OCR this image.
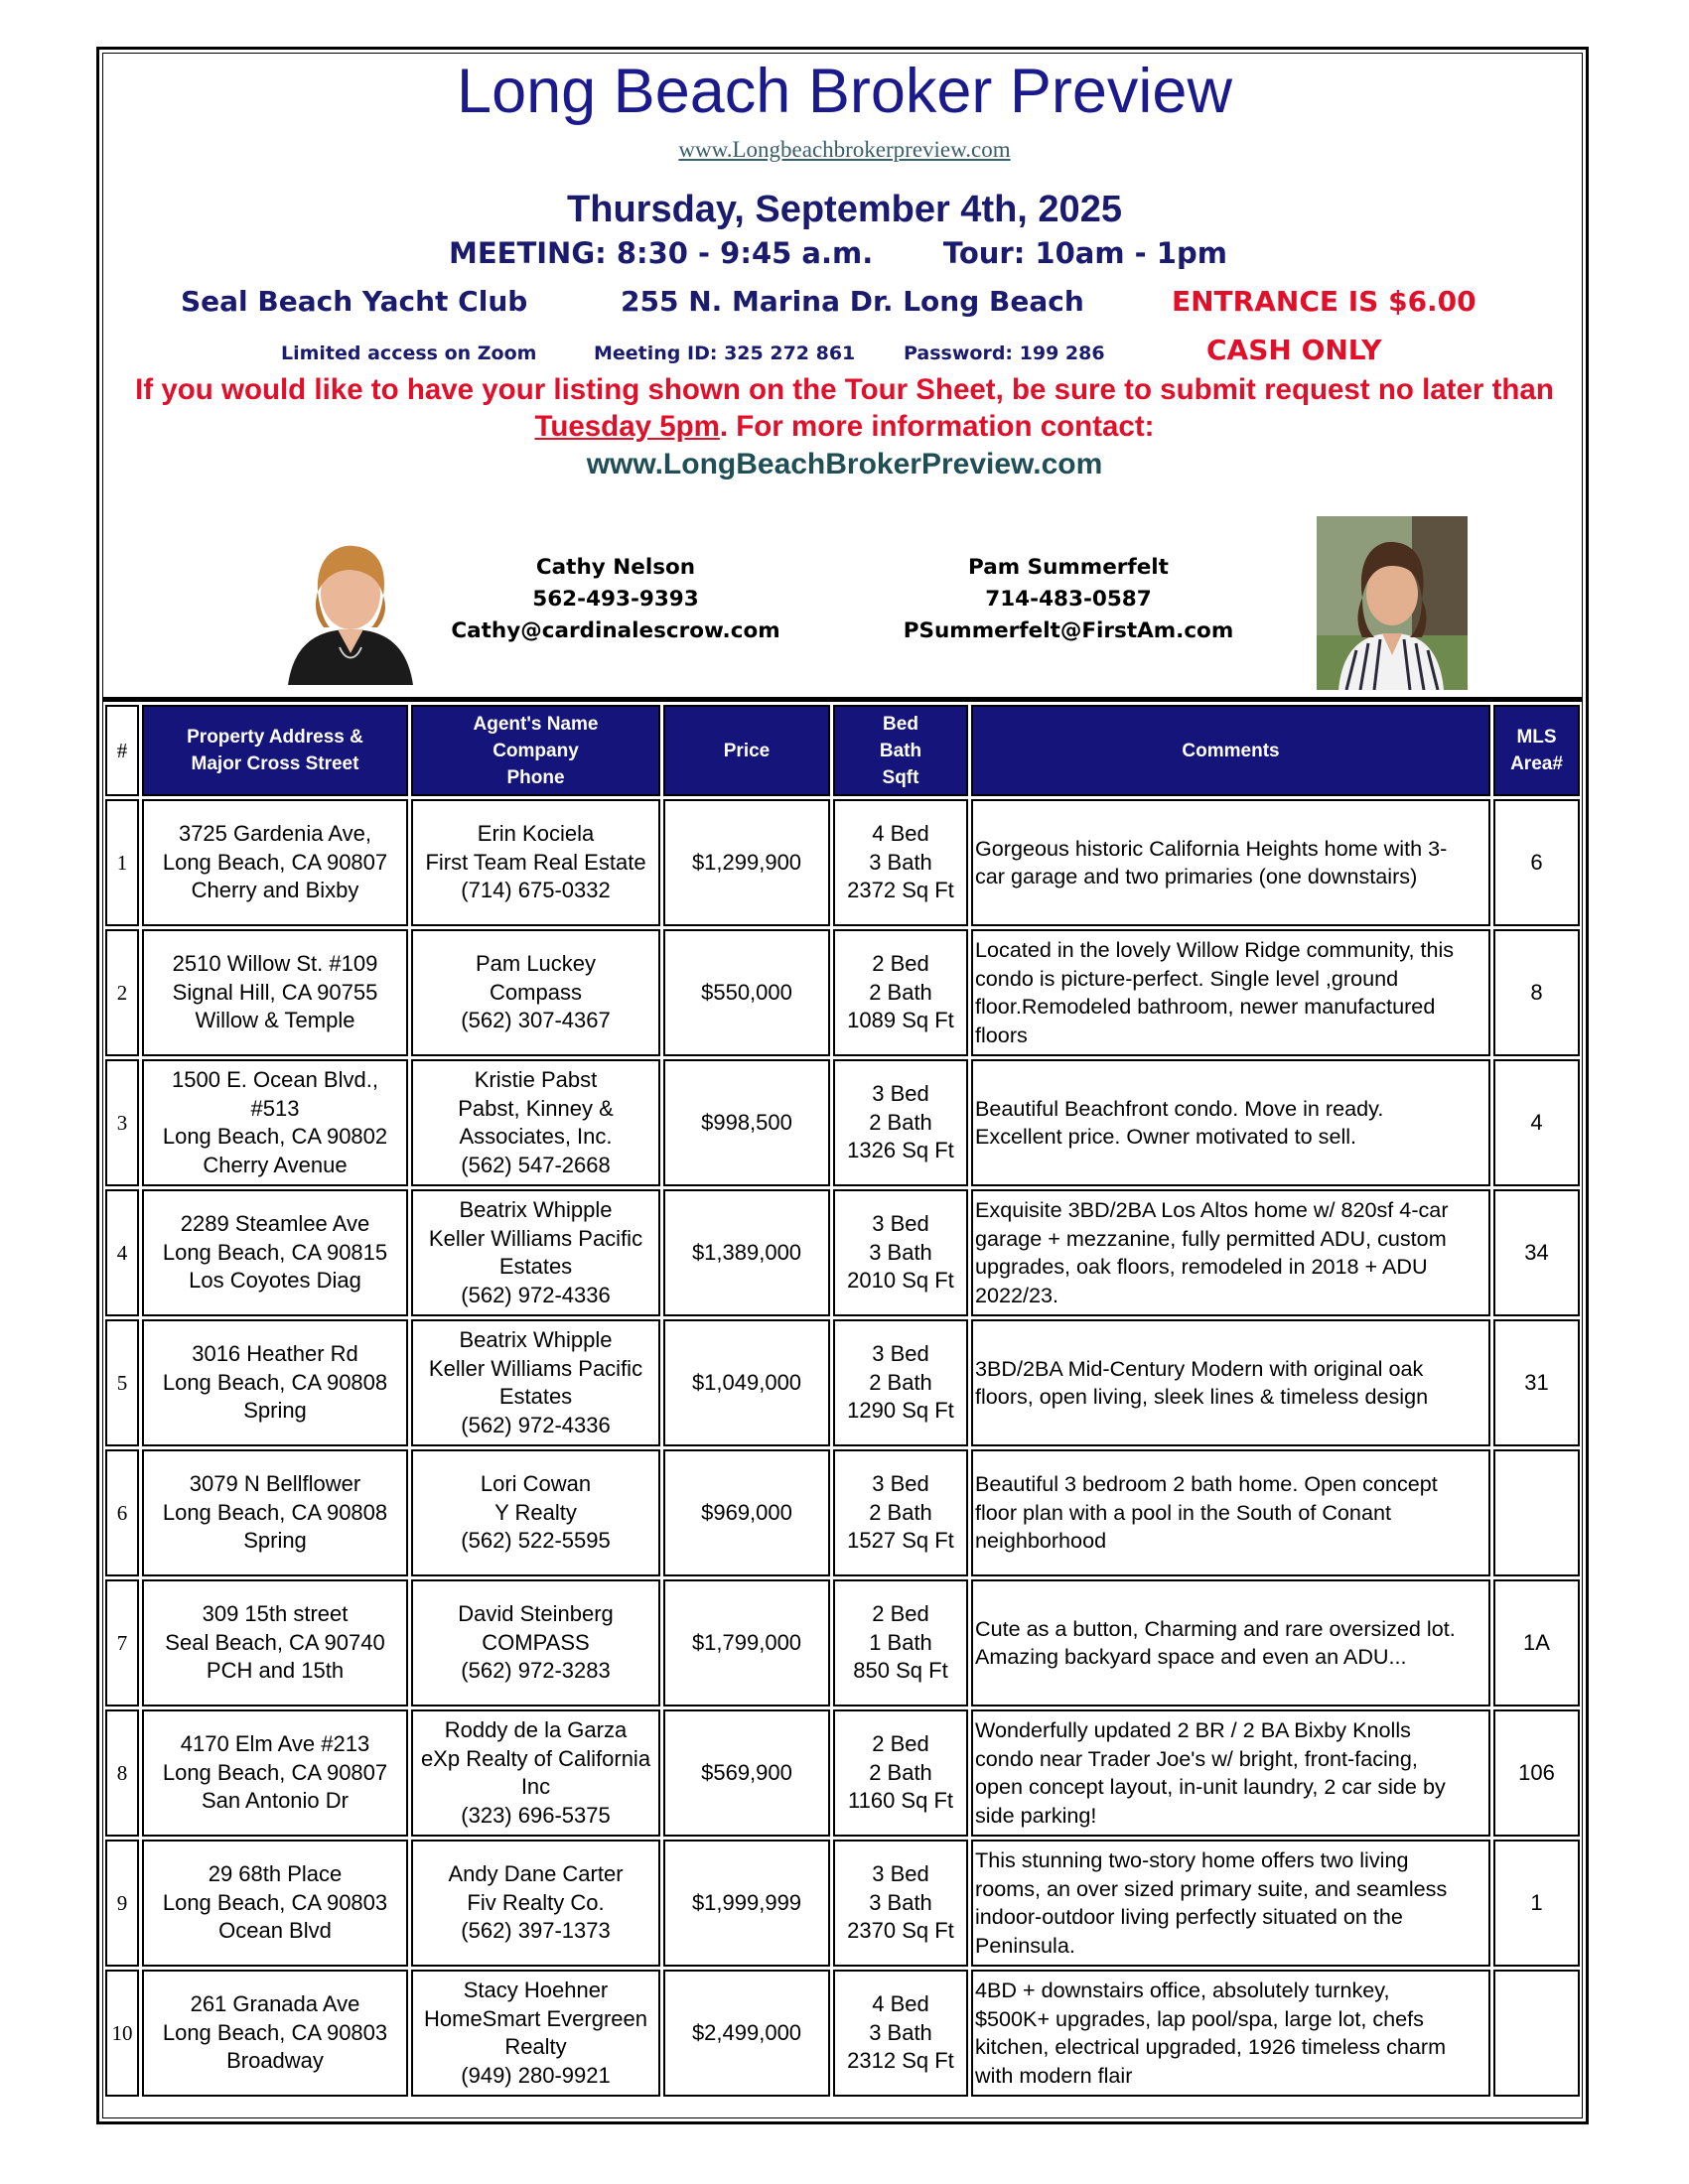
Long Beach Broker Preview
www.Longbeachbrokerpreview.com
Thursday, September 4th, 2025
MEETING: 8:30 - 9:45 a.m. Tour: 10am - 1pm
Seal Beach Yacht Club	255 N. Marina Dr. Long Beach	ENTRANCE IS $6.00
Limited access on Zoom	Meeting ID: 325 272 861	Password: 199 286	CASH ONLY
If you would like to have your listing shown on the Tour Sheet, be sure to submit request no later than
Tuesday 5pm. For more information contact:
www.LongBeachBrokerPreview.com
Cathy Nelson
562-493-9393
Cathy@cardinalescrow.com
Pam Summerfelt
714-483-0587
PSummerfelt@FirstAm.com
#	Property Address &
Major Cross Street	Agent's Name
Company
Phone	Price	Bed
Bath
Sqft	Comments	MLS
Area#

1	3725 Gardenia Ave,
Long Beach, CA 90807
Cherry and Bixby	Erin Kociela
First Team Real Estate
(714) 675-0332	$1,299,900	4 Bed
3 Bath
2372 Sq Ft	Gorgeous historic California Heights home with 3-
car garage and two primaries (one downstairs)	6
2	2510 Willow St. #109
Signal Hill, CA 90755
Willow & Temple	Pam Luckey
Compass
(562) 307-4367	$550,000	2 Bed
2 Bath
1089 Sq Ft	Located in the lovely Willow Ridge community, this
condo is picture-perfect. Single level ,ground
floor.Remodeled bathroom, newer manufactured
floors	8
3	1500 E. Ocean Blvd.,
#513
Long Beach, CA 90802
Cherry Avenue	Kristie Pabst
Pabst, Kinney &
Associates, Inc.
(562) 547-2668	$998,500	3 Bed
2 Bath
1326 Sq Ft	Beautiful Beachfront condo. Move in ready.
Excellent price. Owner motivated to sell.	4
4	2289 Steamlee Ave
Long Beach, CA 90815
Los Coyotes Diag	Beatrix Whipple
Keller Williams Pacific
Estates
(562) 972-4336	$1,389,000	3 Bed
3 Bath
2010 Sq Ft	Exquisite 3BD/2BA Los Altos home w/ 820sf 4-car
garage + mezzanine, fully permitted ADU, custom
upgrades, oak floors, remodeled in 2018 + ADU
2022/23.	34
5	3016 Heather Rd
Long Beach, CA 90808
Spring	Beatrix Whipple
Keller Williams Pacific
Estates
(562) 972-4336	$1,049,000	3 Bed
2 Bath
1290 Sq Ft	3BD/2BA Mid-Century Modern with original oak
floors, open living, sleek lines & timeless design	31
6	3079 N Bellflower
Long Beach, CA 90808
Spring	Lori Cowan
Y Realty
(562) 522-5595	$969,000	3 Bed
2 Bath
1527 Sq Ft	Beautiful 3 bedroom 2 bath home. Open concept
floor plan with a pool in the South of Conant
neighborhood	
7	309 15th street
Seal Beach, CA 90740
PCH and 15th	David Steinberg
COMPASS
(562) 972-3283	$1,799,000	2 Bed
1 Bath
850 Sq Ft	Cute as a button, Charming and rare oversized lot.
Amazing backyard space and even an ADU...	1A
8	4170 Elm Ave #213
Long Beach, CA 90807
San Antonio Dr	Roddy de la Garza
eXp Realty of California
Inc
(323) 696-5375	$569,900	2 Bed
2 Bath
1160 Sq Ft	Wonderfully updated 2 BR / 2 BA Bixby Knolls
condo near Trader Joe's w/ bright, front-facing,
open concept layout, in-unit laundry, 2 car side by
side parking!	106
9	29 68th Place
Long Beach, CA 90803
Ocean Blvd	Andy Dane Carter
Fiv Realty Co.
(562) 397-1373	$1,999,999	3 Bed
3 Bath
2370 Sq Ft	This stunning two-story home offers two living
rooms, an over sized primary suite, and seamless
indoor-outdoor living perfectly situated on the
Peninsula.	1
10	261 Granada Ave
Long Beach, CA 90803
Broadway	Stacy Hoehner
HomeSmart Evergreen
Realty
(949) 280-9921	$2,499,000	4 Bed
3 Bath
2312 Sq Ft	4BD + downstairs office, absolutely turnkey,
$500K+ upgrades, lap pool/spa, large lot, chefs
kitchen, electrical upgraded, 1926 timeless charm
with modern flair	
